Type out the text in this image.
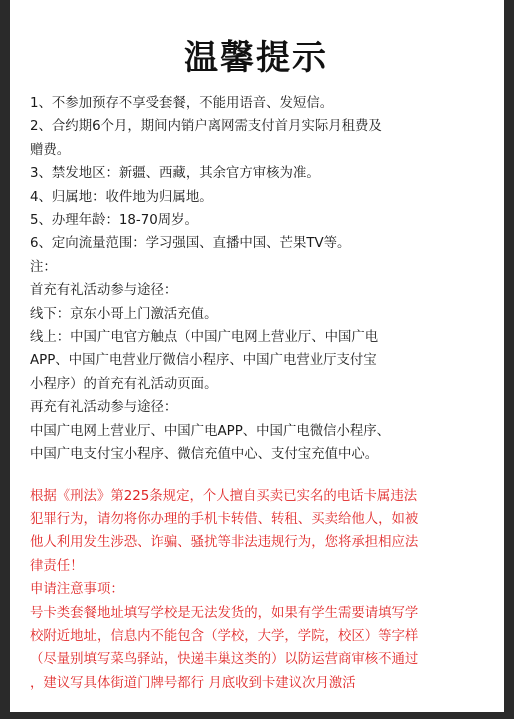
温馨提示
1、不参加预存不享受套餐，不能用语音、发短信。
2、合约期6个月，期间内销户离网需支付首月实际月租费及
赠费。
3、禁发地区：新疆、西藏，其余官方审核为准。
4、归属地：收件地为归属地。
5、办理年龄：18-70周岁。
6、定向流量范围：学习强国、直播中国、芒果TV等。
注：
首充有礼活动参与途径：
线下：京东小哥上门激活充值。
线上：中国广电官方触点（中国广电网上营业厅、中国广电
APP、中国广电营业厅微信小程序、中国广电营业厅支付宝
小程序）的首充有礼活动页面。
再充有礼活动参与途径：
中国广电网上营业厅、中国广电APP、中国广电微信小程序、
中国广电支付宝小程序、微信充值中心、支付宝充值中心。
根据《刑法》第225条规定，个人擅自买卖已实名的电话卡属违法
犯罪行为，请勿将你办理的手机卡转借、转租、买卖给他人，如被
他人利用发生涉恐、诈骗、骚扰等非法违规行为，您将承担相应法
律责任！
申请注意事项：
号卡类套餐地址填写学校是无法发货的，如果有学生需要请填写学
校附近地址，信息内不能包含（学校，大学，学院，校区）等字样
（尽量别填写菜鸟驿站，快递丰巢这类的）以防运营商审核不通过
，建议写具体街道门牌号都行 月底收到卡建议次月激活
